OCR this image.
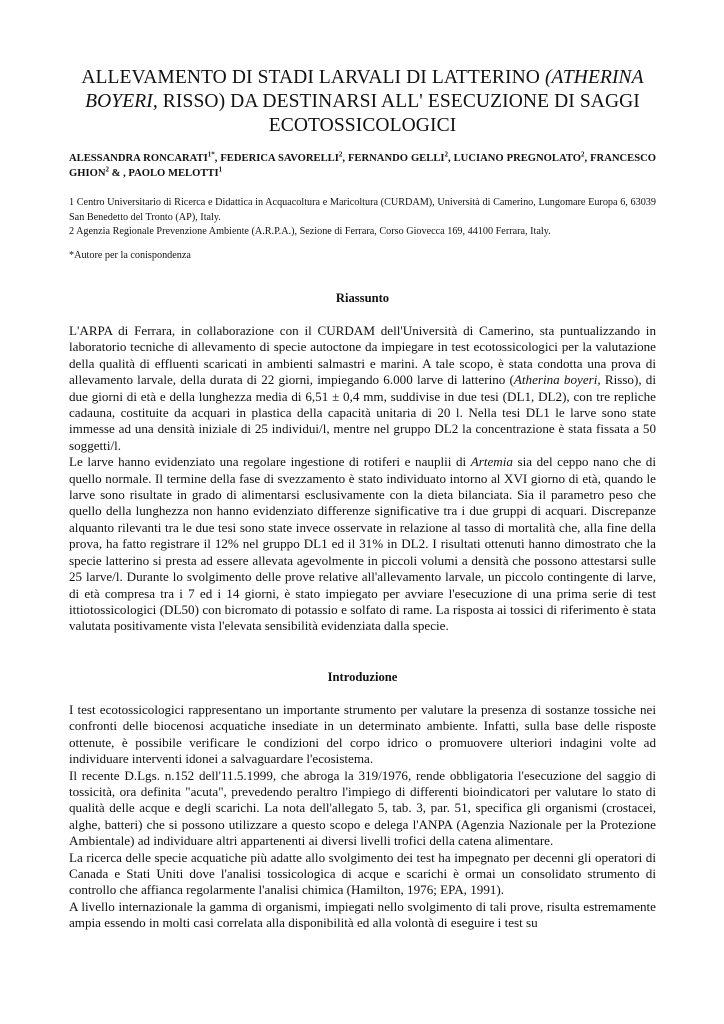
ALLEVAMENTO DI STADI LARVALI DI LATTERINO (ATHERINA BOYERI, RISSO) DA DESTINARSI ALL' ESECUZIONE DI SAGGI ECOTOSSICOLOGICI
ALESSANDRA $RONCARATI^{1*}$, FEDERICA SAVORELLI$^2$, FERNANDO GELLI$^2$, LUCIANO PREGNOLATO$^2$, FRANCESCO GHION$^2$ & , PAOLO MELOTTI$^1$
1 Centro Universitario di Ricerca e Didattica in Acquacoltura e Maricoltura (CURDAM), Università di Camerino, Lungomare Europa 6, 63039 San Benedetto del Tronto (AP), Italy.
2 Agenzia Regionale Prevenzione Ambiente (A.R.P.A.), Sezione di Ferrara, Corso Giovecca 169, 44100 Ferrara, Italy.
*Autore per la conispondenza
Riassunto

L'ARPA di Ferrara, in collaborazione con il CURDAM dell'Università di Camerino, sta puntualizzando in laboratorio tecniche di allevamento di specie autoctone da impiegare in test ecotossicologici per la valutazione della qualità di effluenti scaricati in ambienti salmastri e marini. A tale scopo, è stata condotta una prova di allevamento larvale, della durata di 22 giorni, impiegando 6.000 larve di latterino (Atherina boyeri, Risso), di due giorni di età e della lunghezza media di 6,51 ± 0,4 mm, suddivise in due tesi (DL1, DL2), con tre repliche cadauna, costituite da acquari in plastica della capacità unitaria di 20 l. Nella tesi DL1 le larve sono state immesse ad una densità iniziale di 25 individui/l, mentre nel gruppo DL2 la concentrazione è stata fissata a 50 soggetti/l.

Le larve hanno evidenziato una regolare ingestione di rotiferi e nauplii di Artemia sia del ceppo nano che di quello normale. Il termine della fase di svezzamento è stato individuato intorno al XVI giorno di età, quando le larve sono risultate in grado di alimentarsi esclusivamente con la dieta bilanciata. Sia il parametro peso che quello della lunghezza non hanno evidenziato differenze significative tra i due gruppi di acquari. Discrepanze alquanto rilevanti tra le due tesi sono state invece osservate in relazione al tasso di mortalità che, alla fine della prova, ha fatto registrare il 12% nel gruppo DL1 ed il 31% in DL2. I risultati ottenuti hanno dimostrato che la specie latterino si presta ad essere allevata agevolmente in piccoli volumi a densità che possono attestarsi sulle 25 larve/l. Durante lo svolgimento delle prove relative all'allevamento larvale, un piccolo contingente di larve, di età compresa tra i 7 ed i 14 giorni, è stato impiegato per avviare l'esecuzione di una prima serie di test ittiotossicologici (DL50) con bicromato di potassio e solfato di rame. La risposta ai tossici di riferimento è stata valutata positivamente vista l'elevata sensibilità evidenziata dalla specie.

Introduzione

I test ecotossicologici rappresentano un importante strumento per valutare la presenza di sostanze tossiche nei confronti delle biocenosi acquatiche insediate in un determinato ambiente. Infatti, sulla base delle risposte ottenute, è possibile verificare le condizioni del corpo idrico o promuovere ulteriori indagini volte ad individuare interventi idonei a salvaguardare l'ecosistema.

Il recente D.Lgs. n.152 dell'11.5.1999, che abroga la 319/1976, rende obbligatoria l'esecuzione del saggio di tossicità, ora definita "acuta", prevedendo peraltro l'impiego di differenti bioindicatori per valutare lo stato di qualità delle acque e degli scarichi. La nota dell'allegato 5, tab. 3, par. 51, specifica gli organismi (crostacei, alghe, batteri) che si possono utilizzare a questo scopo e delega l'ANPA (Agenzia Nazionale per la Protezione Ambientale) ad individuare altri appartenenti ai diversi livelli trofici della catena alimentare.

La ricerca delle specie acquatiche più adatte allo svolgimento dei test ha impegnato per decenni gli operatori di Canada e Stati Uniti dove l'analisi tossicologica di acque e scarichi è ormai un consolidato strumento di controllo che affianca regolarmente l'analisi chimica (Hamilton, 1976; EPA, 1991).

A livello internazionale la gamma di organismi, impiegati nello svolgimento di tali prove, risulta estremamente ampia essendo in molti casi correlata alla disponibilità ed alla volontà di eseguire i test su
